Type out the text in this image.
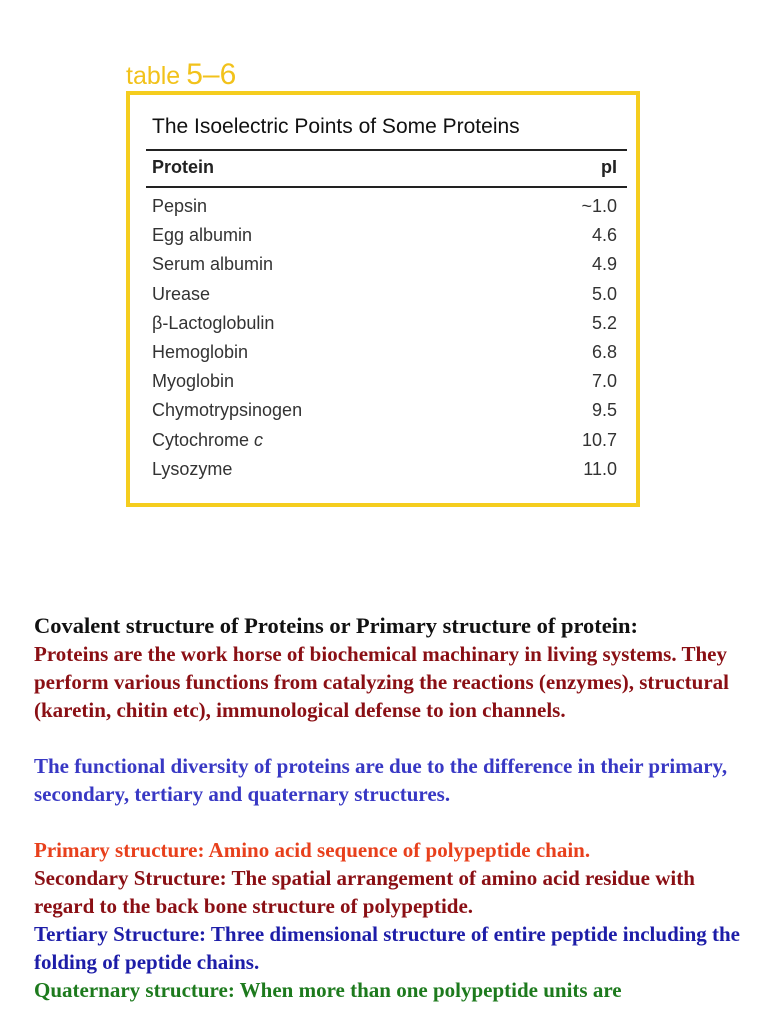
table 5–6
The Isoelectric Points of Some Proteins
Protein	pI
Pepsin	~1.0
Egg albumin	4.6
Serum albumin	4.9
Urease	5.0
β-Lactoglobulin	5.2
Hemoglobin	6.8
Myoglobin	7.0
Chymotrypsinogen	9.5
Cytochrome c	10.7
Lysozyme	11.0

Covalent structure of Proteins or Primary structure of protein:

Proteins are the work horse of biochemical machinary in living systems. They perform various functions from catalyzing the reactions (enzymes), structural (karetin, chitin etc), immunological defense to ion channels.

The functional diversity of proteins are due to the difference in their primary, secondary, tertiary and quaternary structures.

Primary structure: Amino acid sequence of polypeptide chain.

Secondary Structure: The spatial arrangement of amino acid residue with regard to the back bone structure of polypeptide.

Tertiary Structure: Three dimensional structure of entire peptide including the folding of peptide chains.

Quaternary structure: When more than one polypeptide units are
